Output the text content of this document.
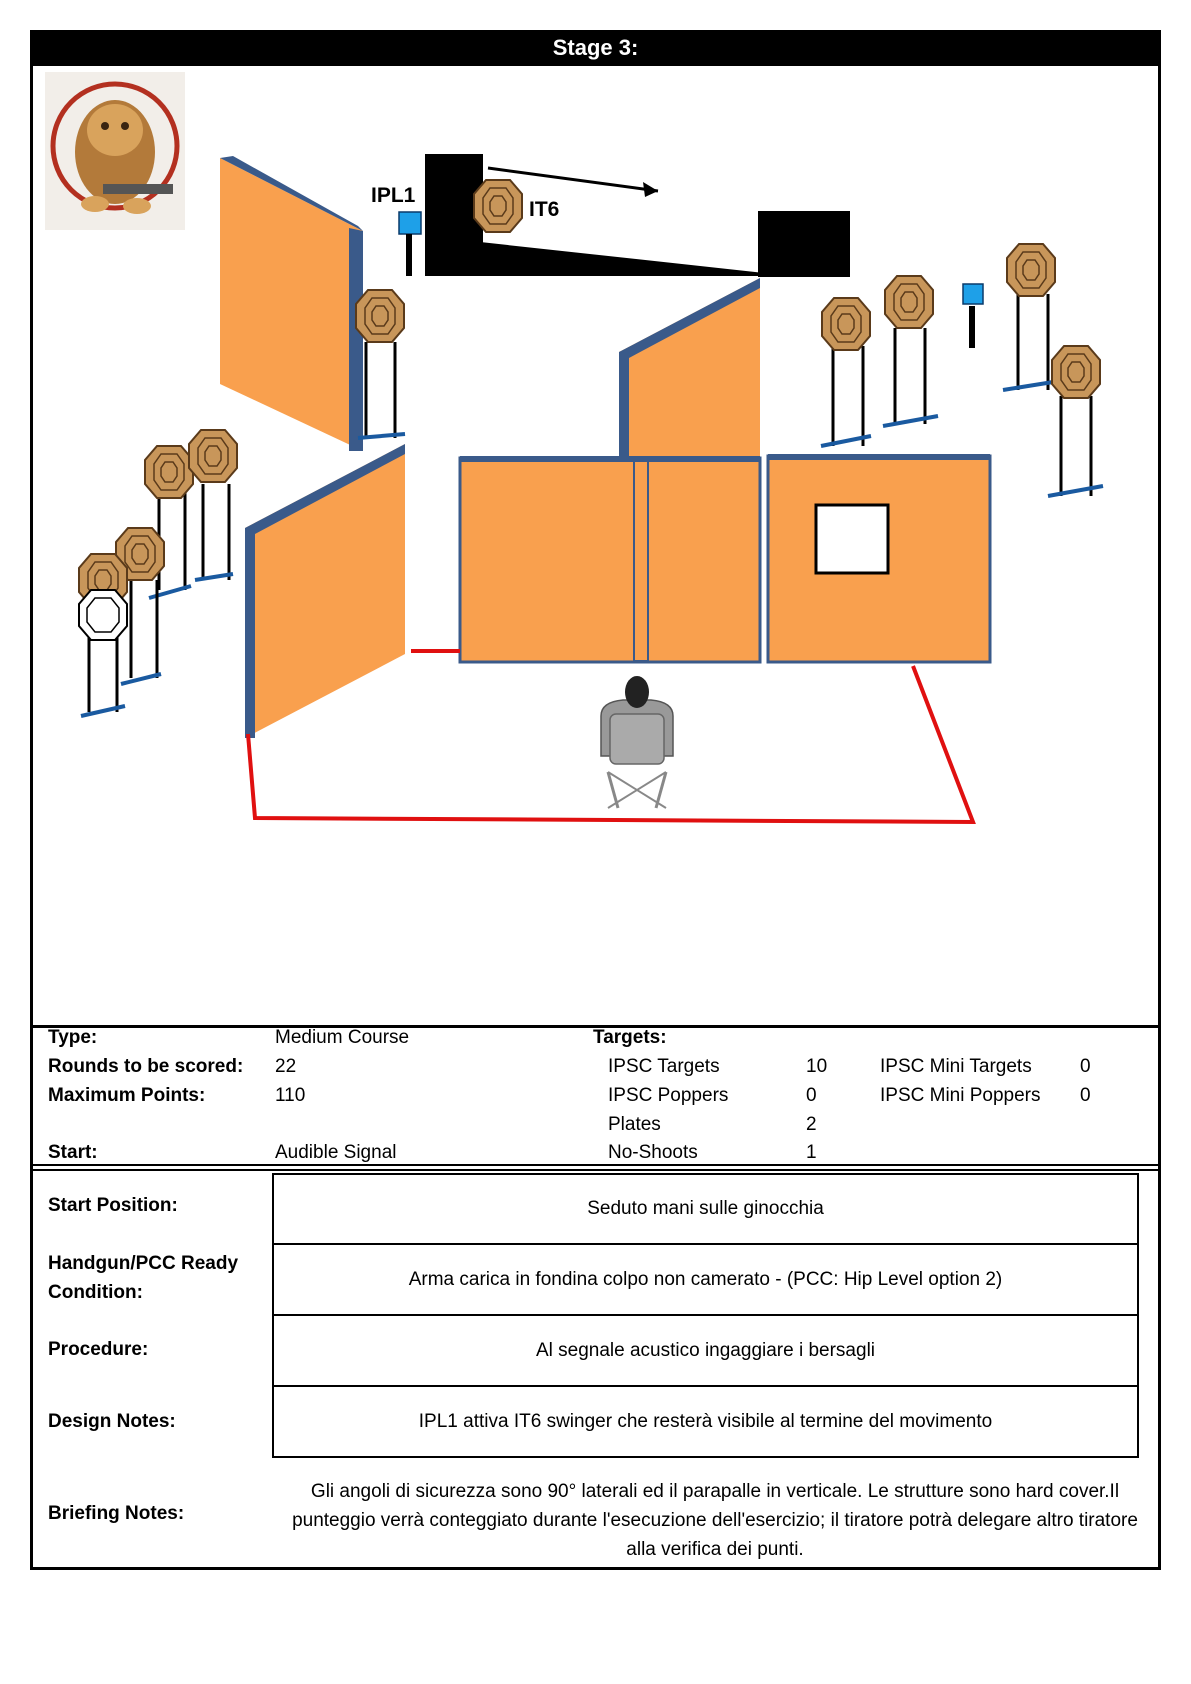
Stage 3:
IT6
IPL1
Type:	Medium Course
Rounds to be scored: 22
Maximum Points:	110
Start:	Audible Signal
Targets:
IPSC Targets	10
IPSC Poppers	0
Plates	2
No-Shoots	1
IPSC Mini Targets	0
IPSC Mini Poppers 0
Start Position:	Seduto mani sulle ginocchia
Handgun/PCC Ready
Condition:
Arma carica in fondina colpo non camerato - (PCC: Hip Level option 2)
Procedure:	Al segnale acustico ingaggiare i bersagli
Design Notes:	IPL1 attiva IT6 swinger che resterà visibile al termine del movimento
Briefing Notes:
Gli angoli di sicurezza sono 90° laterali ed il parapalle in verticale. Le strutture sono hard cover.Il punteggio verrà conteggiato durante l'esecuzione dell'esercizio; il tiratore potrà delegare altro tiratore alla verifica dei punti.
